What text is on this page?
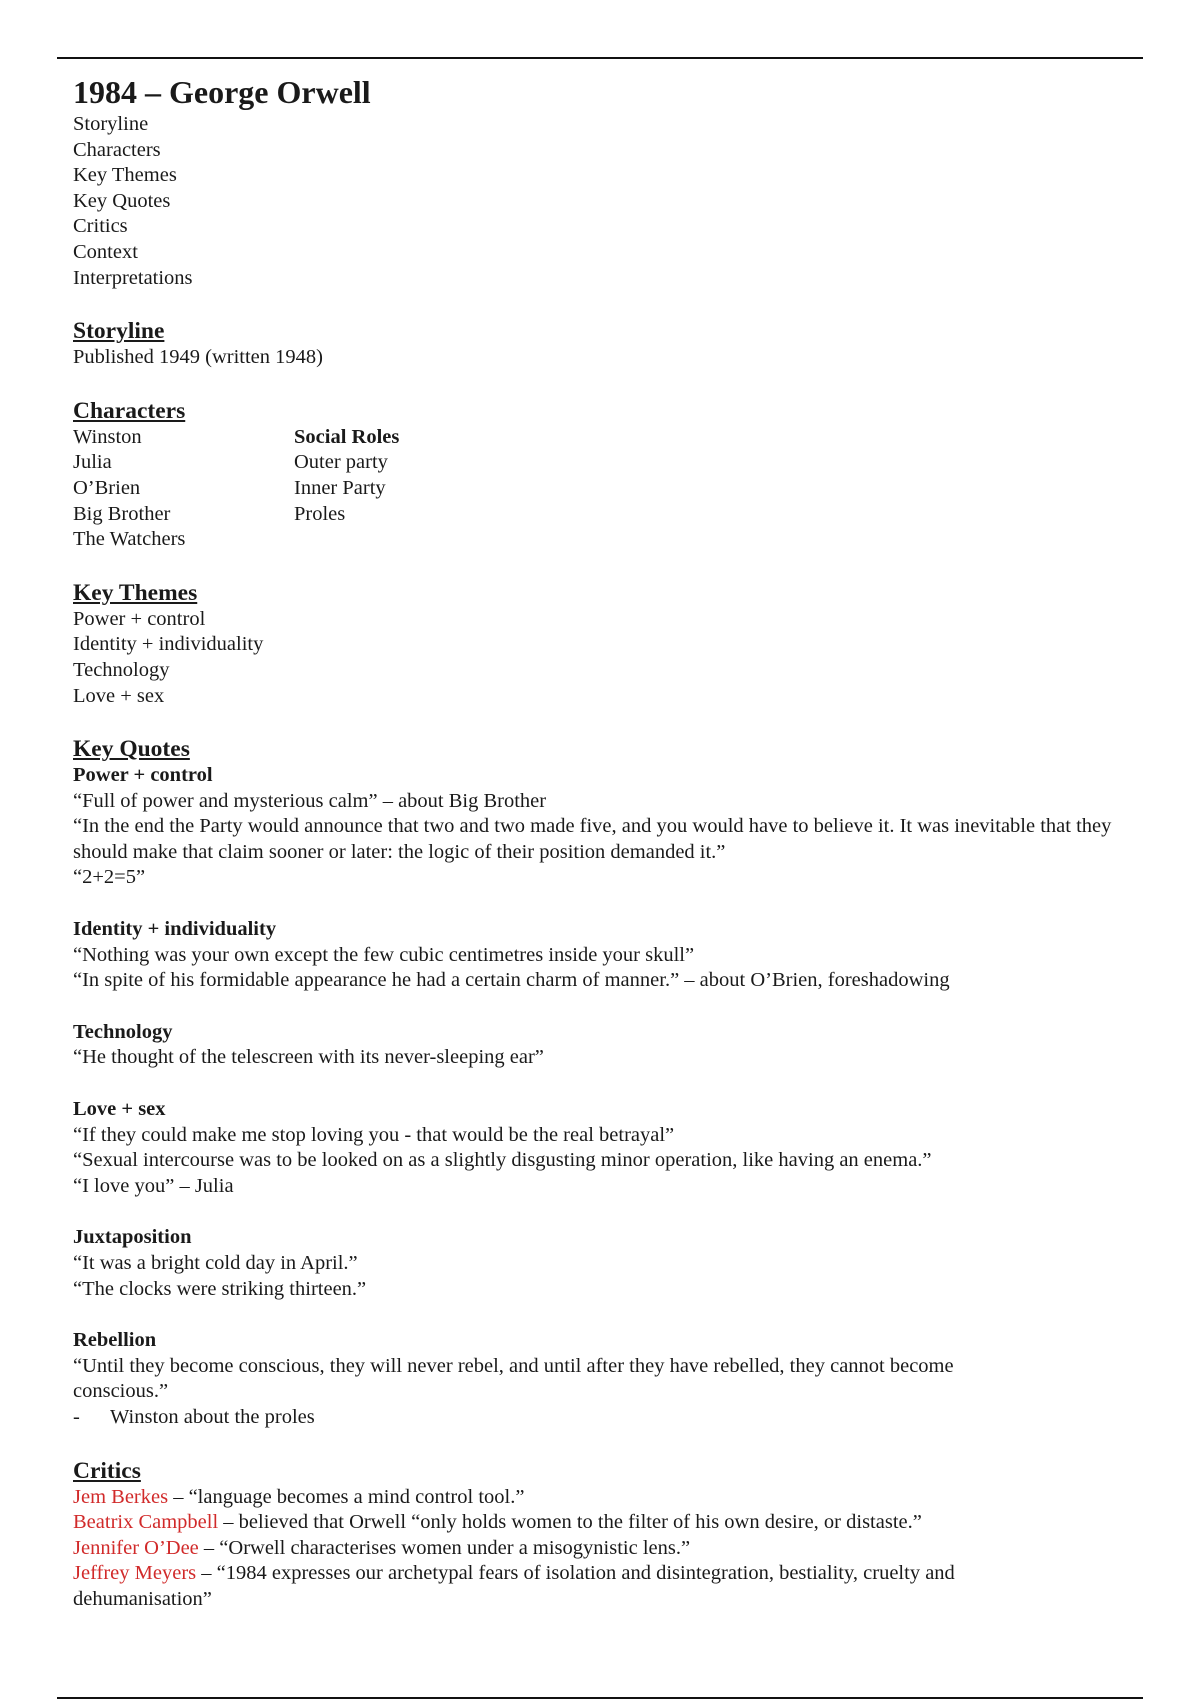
1984 – George Orwell

Storyline

Characters

Key Themes

Key Quotes

Critics

Context

Interpretations

Storyline

Published 1949 (written 1948)

Characters

Winston

Julia

O’Brien

Big Brother

The Watchers

Social Roles

Outer party

Inner Party

Proles

Key Themes

Power + control

Identity + individuality

Technology

Love + sex

Key Quotes

Power + control

“Full of power and mysterious calm” – about Big Brother

“In the end the Party would announce that two and two made five, and you would have to believe it. It was inevitable that they should make that claim sooner or later: the logic of their position demanded it.”

“2+2=5”

Identity + individuality

“Nothing was your own except the few cubic centimetres inside your skull”

“In spite of his formidable appearance he had a certain charm of manner.” – about O’Brien, foreshadowing

Technology

“He thought of the telescreen with its never-sleeping ear”

Love + sex

“If they could make me stop loving you - that would be the real betrayal”

“Sexual intercourse was to be looked on as a slightly disgusting minor operation, like having an enema.”

“I love you” – Julia

Juxtaposition

“It was a bright cold day in April.”

“The clocks were striking thirteen.”

Rebellion

“Until they become conscious, they will never rebel, and until after they have rebelled, they cannot become conscious.”

-	Winston about the proles
Critics

Jem Berkes – “language becomes a mind control tool.”

Beatrix Campbell – believed that Orwell “only holds women to the filter of his own desire, or distaste.”

Jennifer O’Dee – “Orwell characterises women under a misogynistic lens.”

Jeffrey Meyers – “1984 expresses our archetypal fears of isolation and disintegration, bestiality, cruelty and dehumanisation”
